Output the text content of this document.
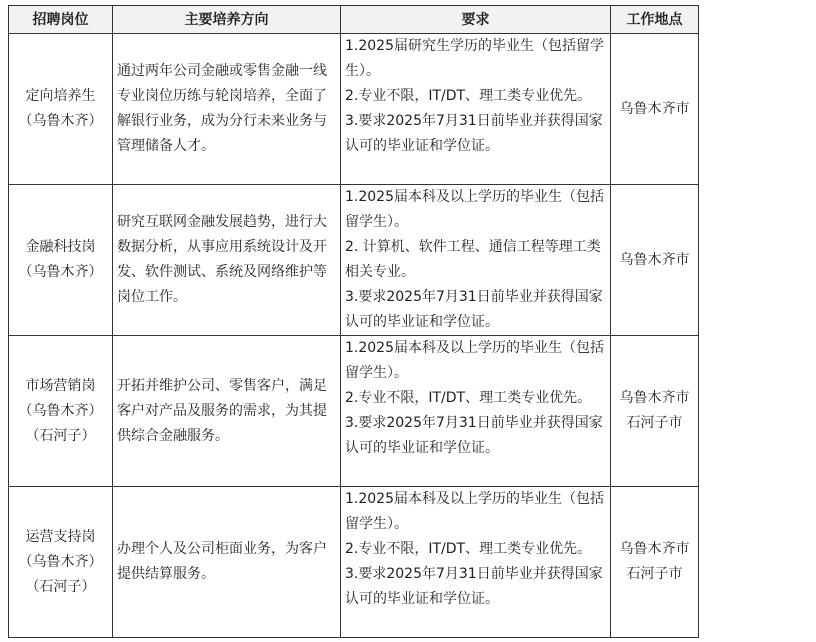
招聘岗位	主要培养方向	要求	工作地点

定向培养生
（乌鲁木齐）	通过两年公司金融或零售金融一线专业岗位历练与轮岗培养，全面了解银行业务，成为分行未来业务与管理储备人才。	1.2025届研究生学历的毕业生（包括留学生）。
2.专业不限，IT/DT、理工类专业优先。
3.要求2025年7月31日前毕业并获得国家认可的毕业证和学位证。	乌鲁木齐市

金融科技岗
（乌鲁木齐）	研究互联网金融发展趋势，进行大数据分析，从事应用系统设计及开发、软件测试、系统及网络维护等岗位工作。	1.2025届本科及以上学历的毕业生（包括留学生）。
2. 计算机、软件工程、通信工程等理工类相关专业。
3.要求2025年7月31日前毕业并获得国家认可的毕业证和学位证。	乌鲁木齐市

市场营销岗
（乌鲁木齐）
（石河子）	开拓并维护公司、零售客户，满足客户对产品及服务的需求，为其提供综合金融服务。	1.2025届本科及以上学历的毕业生（包括留学生）。
2.专业不限，IT/DT、理工类专业优先。
3.要求2025年7月31日前毕业并获得国家认可的毕业证和学位证。	乌鲁木齐市
石河子市

运营支持岗
（乌鲁木齐）
（石河子）	办理个人及公司柜面业务，为客户提供结算服务。	1.2025届本科及以上学历的毕业生（包括留学生）。
2.专业不限，IT/DT、理工类专业优先。
3.要求2025年7月31日前毕业并获得国家认可的毕业证和学位证。	乌鲁木齐市
石河子市
